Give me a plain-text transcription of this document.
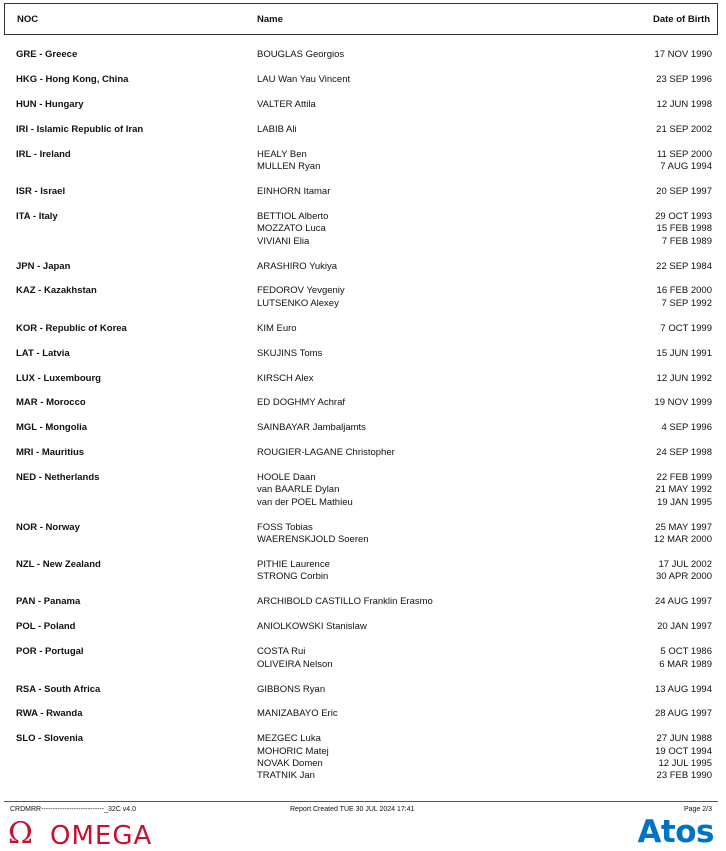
NOC	Name	Date of Birth
GRE - Greece	BOUGLAS Georgios	17 NOV 1990
HKG - Hong Kong, China	LAU Wan Yau Vincent	23 SEP 1996
HUN - Hungary	VALTER Attila	12 JUN 1998
IRI - Islamic Republic of Iran	LABIB Ali	21 SEP 2002
IRL - Ireland	HEALY Ben	11 SEP 2000
MULLEN Ryan	7 AUG 1994
ISR - Israel	EINHORN Itamar	20 SEP 1997
ITA - Italy	BETTIOL Alberto	29 OCT 1993
MOZZATO Luca	15 FEB 1998
VIVIANI Elia	7 FEB 1989
JPN - Japan	ARASHIRO Yukiya	22 SEP 1984
KAZ - Kazakhstan	FEDOROV Yevgeniy	16 FEB 2000
LUTSENKO Alexey	7 SEP 1992
KOR - Republic of Korea	KIM Euro	7 OCT 1999
LAT - Latvia	SKUJINS Toms	15 JUN 1991
LUX - Luxembourg	KIRSCH Alex	12 JUN 1992
MAR - Morocco	ED DOGHMY Achraf	19 NOV 1999
MGL - Mongolia	SAINBAYAR Jambaljamts	4 SEP 1996
MRI - Mauritius	ROUGIER-LAGANE Christopher	24 SEP 1998
NED - Netherlands	HOOLE Daan	22 FEB 1999
van BAARLE Dylan	21 MAY 1992
van der POEL Mathieu	19 JAN 1995
NOR - Norway	FOSS Tobias	25 MAY 1997
WAERENSKJOLD Soeren	12 MAR 2000
NZL - New Zealand	PITHIE Laurence	17 JUL 2002
STRONG Corbin	30 APR 2000
PAN - Panama	ARCHIBOLD CASTILLO Franklin Erasmo	24 AUG 1997
POL - Poland	ANIOLKOWSKI Stanislaw	20 JAN 1997
POR - Portugal	COSTA Rui	5 OCT 1986
OLIVEIRA Nelson	6 MAR 1989
RSA - South Africa	GIBBONS Ryan	13 AUG 1994
RWA - Rwanda	MANIZABAYO Eric	28 AUG 1997
SLO - Slovenia	MEZGEC Luka	27 JUN 1988
MOHORIC Matej	19 OCT 1994
NOVAK Domen	12 JUL 1995
TRATNIK Jan	23 FEB 1990
CRDMRR---------------------------_32C v4.0	Report Created TUE 30 JUL 2024 17:41	Page 2/3
Ω OMEGA	Atos
